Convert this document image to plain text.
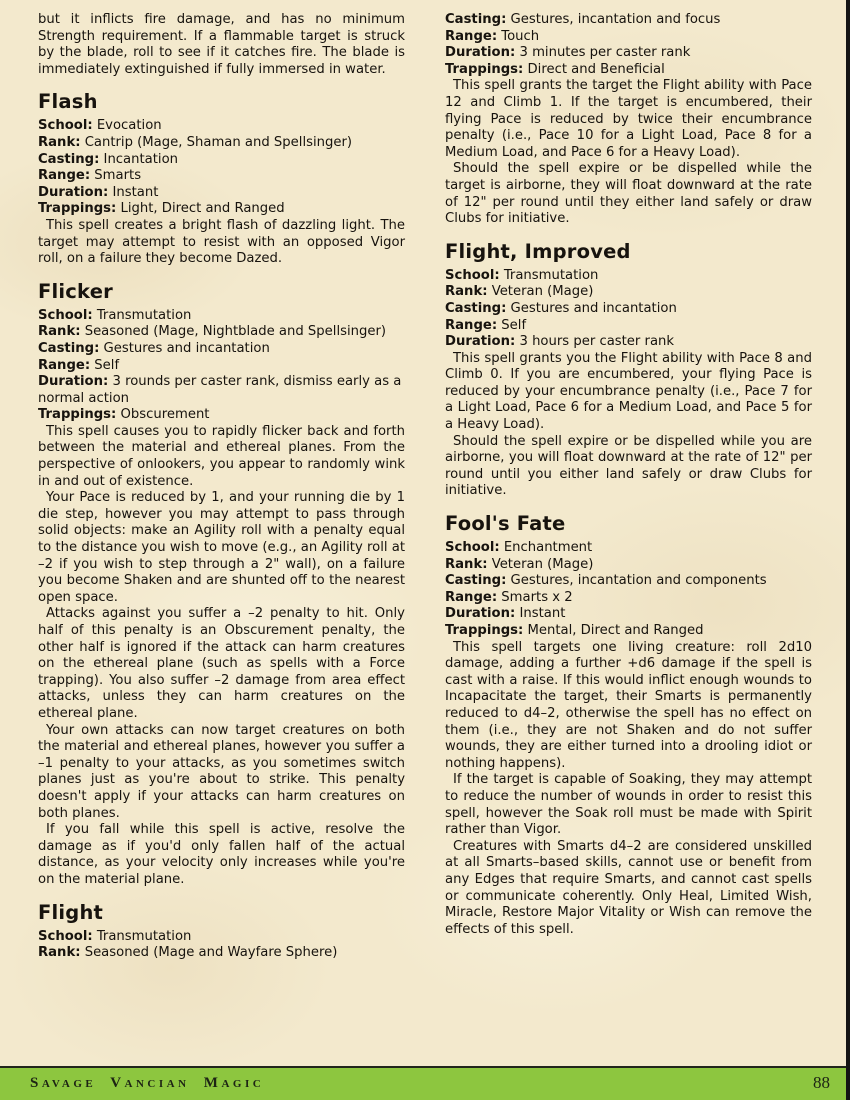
but it inflicts fire damage, and has no minimum Strength requirement. If a flammable target is struck by the blade, roll to see if it catches fire. The blade is immediately extinguished if fully immersed in water.

Flash
School: Evocation
Rank: Cantrip (Mage, Shaman and Spellsinger)
Casting: Incantation
Range: Smarts
Duration: Instant
Trappings: Light, Direct and Ranged

This spell creates a bright flash of dazzling light. The target may attempt to resist with an opposed Vigor roll, on a failure they become Dazed.

Flicker
School: Transmutation
Rank: Seasoned (Mage, Nightblade and Spellsinger)
Casting: Gestures and incantation
Range: Self
Duration: 3 rounds per caster rank, dismiss early as a normal action
Trappings: Obscurement

This spell causes you to rapidly flicker back and forth between the material and ethereal planes. From the perspective of onlookers, you appear to randomly wink in and out of existence.

Your Pace is reduced by 1, and your running die by 1 die step, however you may attempt to pass through solid objects: make an Agility roll with a penalty equal to the distance you wish to move (e.g., an Agility roll at –2 if you wish to step through a 2" wall), on a failure you become Shaken and are shunted off to the nearest open space.

Attacks against you suffer a –2 penalty to hit. Only half of this penalty is an Obscurement penalty, the other half is ignored if the attack can harm creatures on the ethereal plane (such as spells with a Force trapping). You also suffer –2 damage from area effect attacks, unless they can harm creatures on the ethereal plane.

Your own attacks can now target creatures on both the material and ethereal planes, however you suffer a –1 penalty to your attacks, as you sometimes switch planes just as you're about to strike. This penalty doesn't apply if your attacks can harm creatures on both planes.

If you fall while this spell is active, resolve the damage as if you'd only fallen half of the actual distance, as your velocity only increases while you're on the material plane.

Flight
School: Transmutation
Rank: Seasoned (Mage and Wayfare Sphere)
Casting: Gestures, incantation and focus
Range: Touch
Duration: 3 minutes per caster rank
Trappings: Direct and Beneficial

This spell grants the target the Flight ability with Pace 12 and Climb 1. If the target is encumbered, their flying Pace is reduced by twice their encumbrance penalty (i.e., Pace 10 for a Light Load, Pace 8 for a Medium Load, and Pace 6 for a Heavy Load).

Should the spell expire or be dispelled while the target is airborne, they will float downward at the rate of 12" per round until they either land safely or draw Clubs for initiative.

Flight, Improved
School: Transmutation
Rank: Veteran (Mage)
Casting: Gestures and incantation
Range: Self
Duration: 3 hours per caster rank

This spell grants you the Flight ability with Pace 8 and Climb 0. If you are encumbered, your flying Pace is reduced by your encumbrance penalty (i.e., Pace 7 for a Light Load, Pace 6 for a Medium Load, and Pace 5 for a Heavy Load).

Should the spell expire or be dispelled while you are airborne, you will float downward at the rate of 12" per round until you either land safely or draw Clubs for initiative.

Fool's Fate
School: Enchantment
Rank: Veteran (Mage)
Casting: Gestures, incantation and components
Range: Smarts x 2
Duration: Instant
Trappings: Mental, Direct and Ranged

This spell targets one living creature: roll 2d10 damage, adding a further +d6 damage if the spell is cast with a raise. If this would inflict enough wounds to Incapacitate the target, their Smarts is permanently reduced to d4–2, otherwise the spell has no effect on them (i.e., they are not Shaken and do not suffer wounds, they are either turned into a drooling idiot or nothing happens).

If the target is capable of Soaking, they may attempt to reduce the number of wounds in order to resist this spell, however the Soak roll must be made with Spirit rather than Vigor.

Creatures with Smarts d4–2 are considered unskilled at all Smarts–based skills, cannot use or benefit from any Edges that require Smarts, and cannot cast spells or communicate coherently. Only Heal, Limited Wish, Miracle, Restore Major Vitality or Wish can remove the effects of this spell.

Savage Vancian Magic	88
